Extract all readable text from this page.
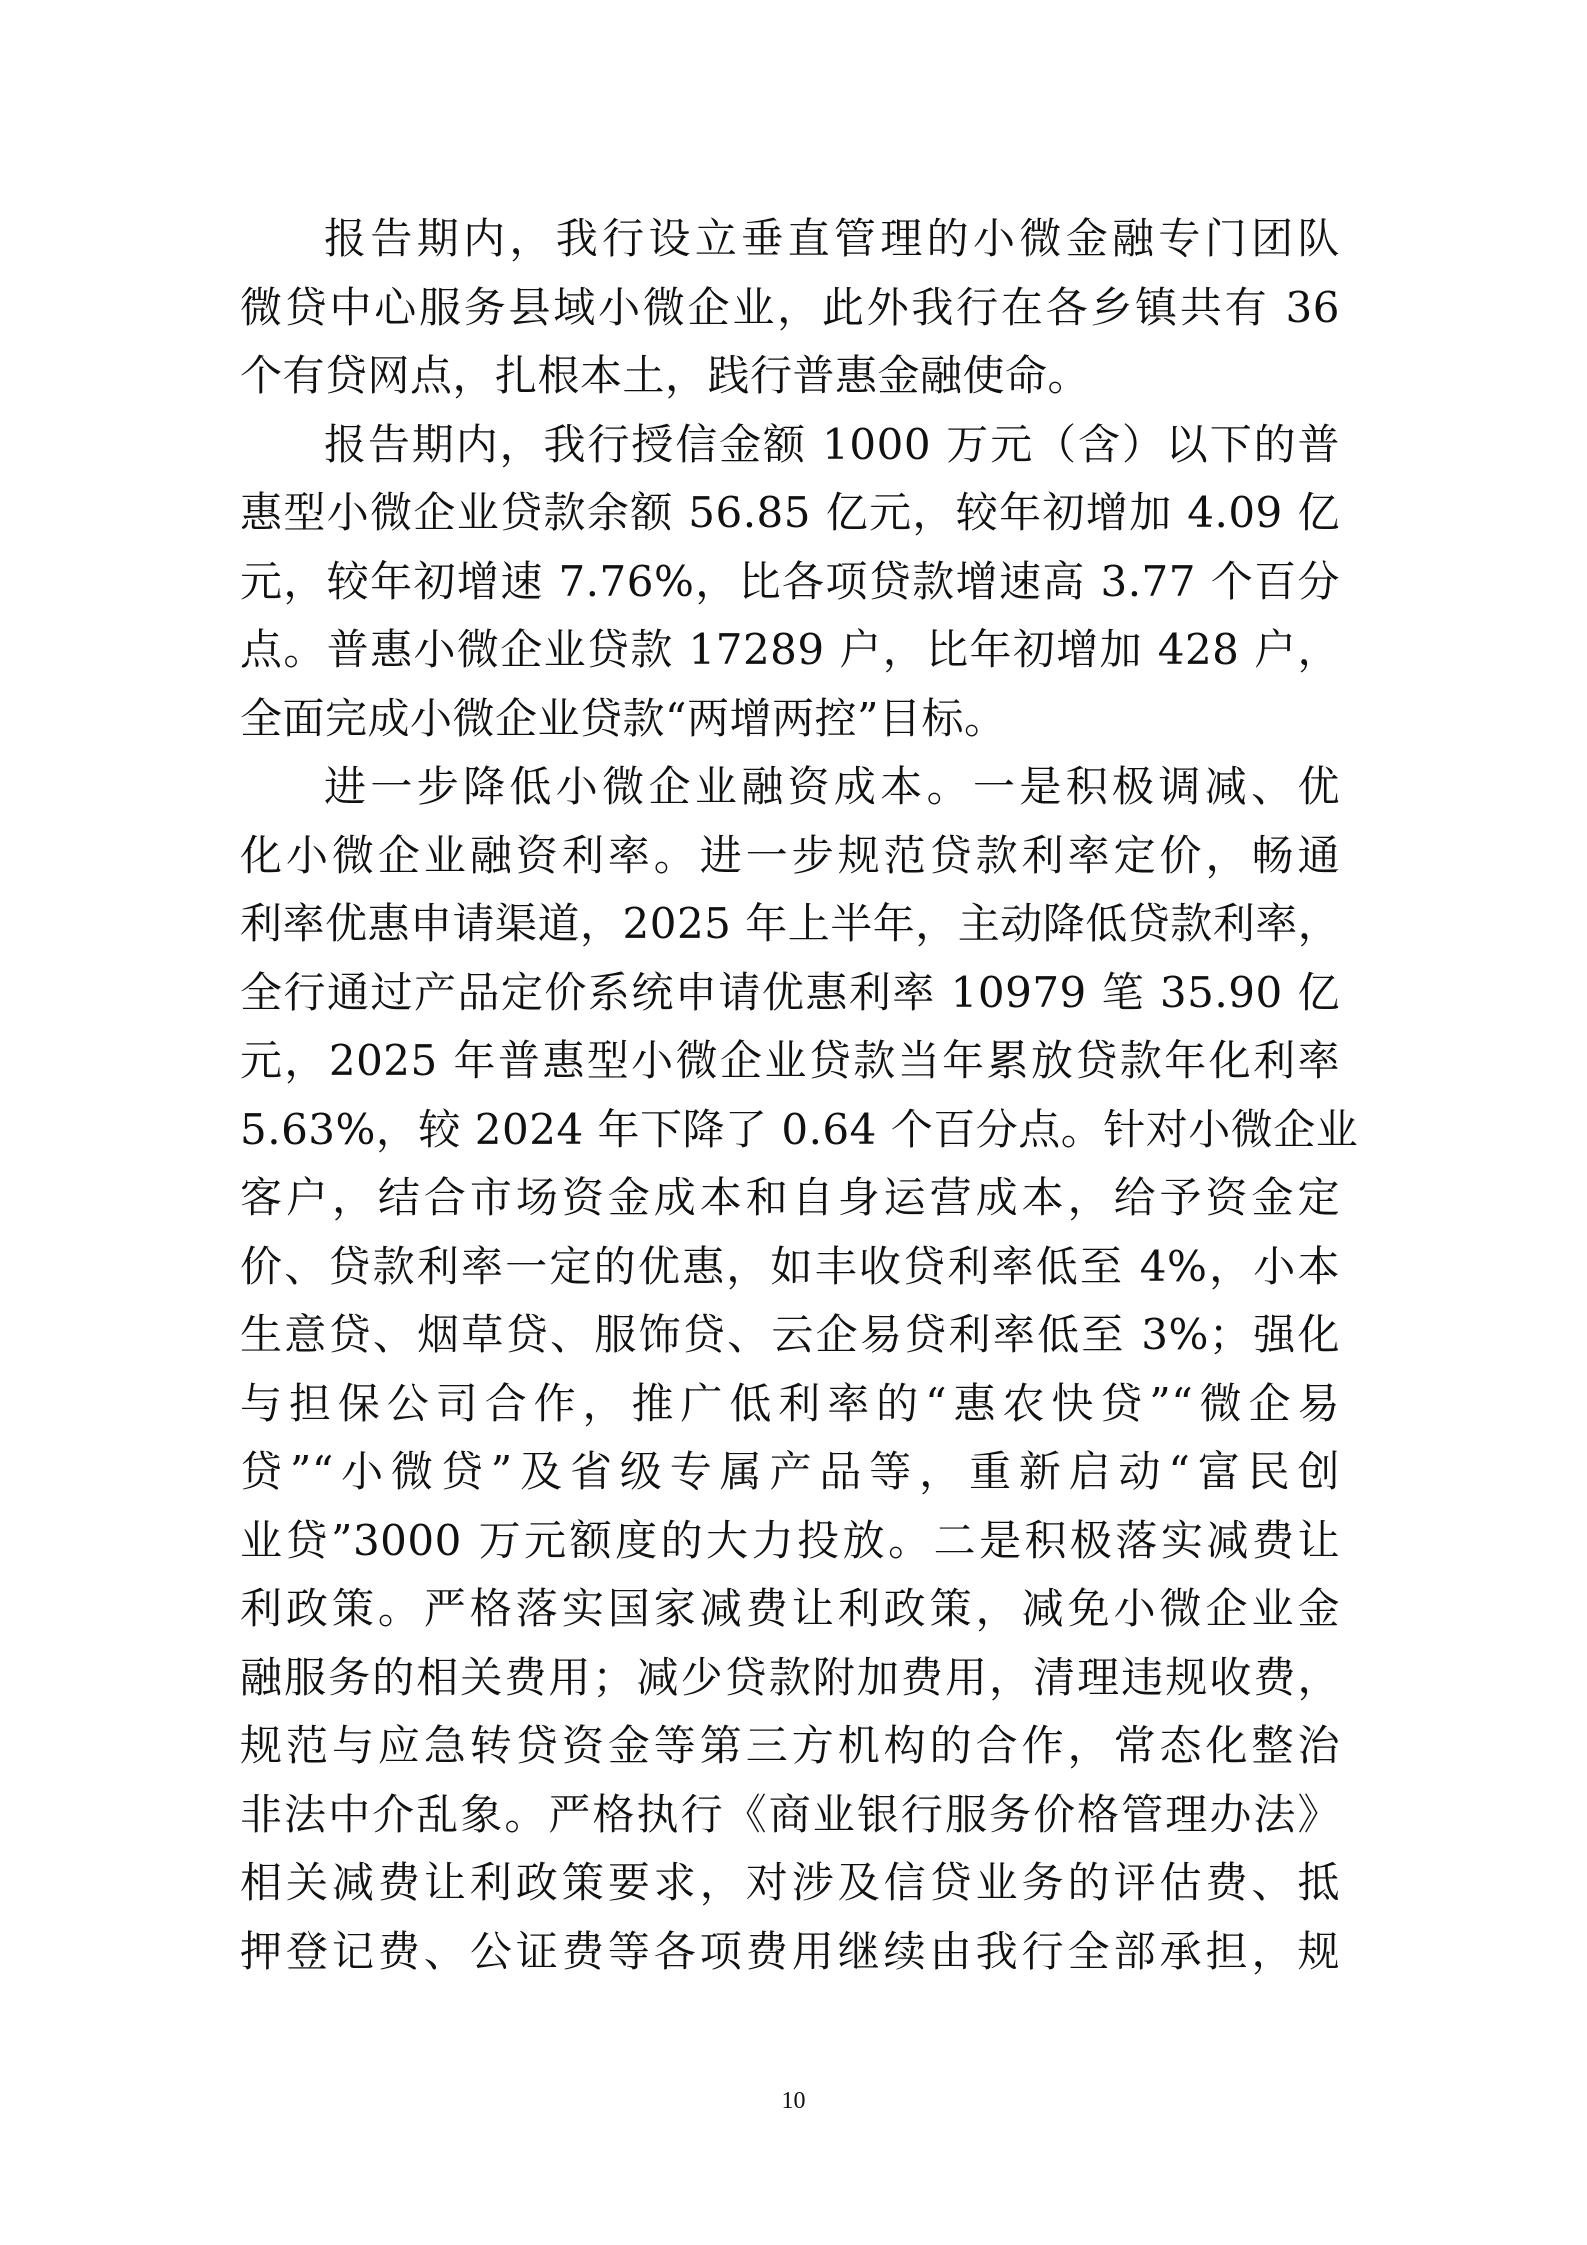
报告期内，我行设立垂直管理的小微金融专门团队
微贷中心服务县域小微企业，此外我行在各乡镇共有 36
个有贷网点，扎根本土，践行普惠金融使命。
报告期内，我行授信金额 1000 万元（含）以下的普
惠型小微企业贷款余额 56.85 亿元，较年初增加 4.09 亿
元，较年初增速 7.76%，比各项贷款增速高 3.77 个百分
点。普惠小微企业贷款 17289 户，比年初增加 428 户，
全面完成小微企业贷款“两增两控”目标。
进一步降低小微企业融资成本。一是积极调减、优
化小微企业融资利率。进一步规范贷款利率定价，畅通
利率优惠申请渠道，2025 年上半年，主动降低贷款利率，
全行通过产品定价系统申请优惠利率 10979 笔 35.90 亿
元，2025 年普惠型小微企业贷款当年累放贷款年化利率
5.63%，较 2024 年下降了 0.64 个百分点。针对小微企业
客户，结合市场资金成本和自身运营成本，给予资金定
价、贷款利率一定的优惠，如丰收贷利率低至 4%，小本
生意贷、烟草贷、服饰贷、云企易贷利率低至 3%；强化
与担保公司合作，推广低利率的“惠农快贷”“微企易
贷”“小微贷”及省级专属产品等，重新启动“富民创
业贷”3000 万元额度的大力投放。二是积极落实减费让
利政策。严格落实国家减费让利政策，减免小微企业金
融服务的相关费用；减少贷款附加费用，清理违规收费，
规范与应急转贷资金等第三方机构的合作，常态化整治
非法中介乱象。严格执行《商业银行服务价格管理办法》
相关减费让利政策要求，对涉及信贷业务的评估费、抵
押登记费、公证费等各项费用继续由我行全部承担，规
10
